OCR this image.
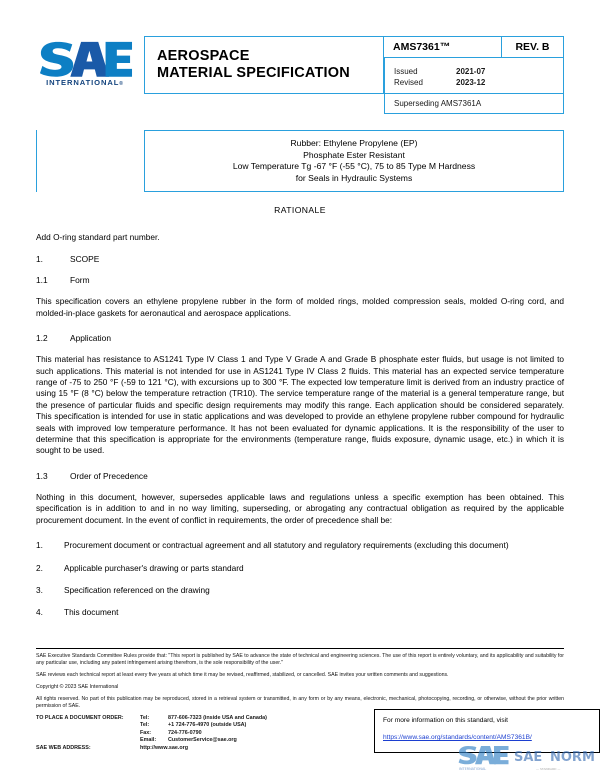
INTERNATIONAL®
AEROSPACE
MATERIAL SPECIFICATION
AMS7361™	REV. B
Issued	2021-07
Revised	2023-12
Superseding AMS7361A
Rubber: Ethylene Propylene (EP)
Phosphate Ester Resistant
Low Temperature Tg -67 °F (-55 °C), 75 to 85 Type M Hardness
for Seals in Hydraulic Systems
RATIONALE

Add O-ring standard part number.

1.	SCOPE
1.1	Form

This specification covers an ethylene propylene rubber in the form of molded rings, molded compression seals, molded O-ring cord, and molded-in-place gaskets for aeronautical and aerospace applications.

1.2	Application

This material has resistance to AS1241 Type IV Class 1 and Type V Grade A and Grade B phosphate ester fluids, but usage is not limited to such applications. This material is not intended for use in AS1241 Type IV Class 2 fluids. This material has an expected service temperature range of -75 to 250 °F (-59 to 121 °C), with excursions up to 300 °F. The expected low temperature limit is derived from an industry practice of using 15 °F (8 °C) below the temperature retraction (TR10). The service temperature range of the material is a general temperature range, but the presence of particular fluids and specific design requirements may modify this range. Each application should be considered separately. This specification is intended for use in static applications and was developed to provide an ethylene propylene rubber compound for hydraulic seals with improved low temperature performance. It has not been evaluated for dynamic applications. It is the responsibility of the user to determine that this specification is appropriate for the environments (temperature range, fluids exposure, dynamic usage, etc.) in which it is sought to be used.

1.3	Order of Precedence

Nothing in this document, however, supersedes applicable laws and regulations unless a specific exemption has been obtained. This specification is in addition to and in no way limiting, superseding, or abrogating any contractual obligation as required by the applicable procurement document. In the event of conflict in requirements, the order of precedence shall be:

1.	Procurement document or contractual agreement and all statutory and regulatory requirements (excluding this document)
2.	Applicable purchaser's drawing or parts standard
3.	Specification referenced on the drawing
4.	This document

SAE Executive Standards Committee Rules provide that: "This report is published by SAE to advance the state of technical and engineering sciences. The use of this report is entirely voluntary, and its applicability and suitability for any particular use, including any patent infringement arising therefrom, is the sole responsibility of the user."

SAE reviews each technical report at least every five years at which time it may be revised, reaffirmed, stabilized, or cancelled. SAE invites your written comments and suggestions.

Copyright © 2023 SAE International

All rights reserved. No part of this publication may be reproduced, stored in a retrieval system or transmitted, in any form or by any means, electronic, mechanical, photocopying, recording, or otherwise, without the prior written permission of SAE.

TO PLACE A DOCUMENT ORDER:	Tel:	877-606-7323 (inside USA and Canada)
Tel:	+1 724-776-4970 (outside USA)
Fax:	724-776-0790
Email:	CustomerService@sae.org
SAE WEB ADDRESS:	http://www.sae.org
For more information on this standard, visit
https://www.sae.org/standards/content/AMS7361B/
SAE NORM
INTERNATIONAL	— STANDARD —
